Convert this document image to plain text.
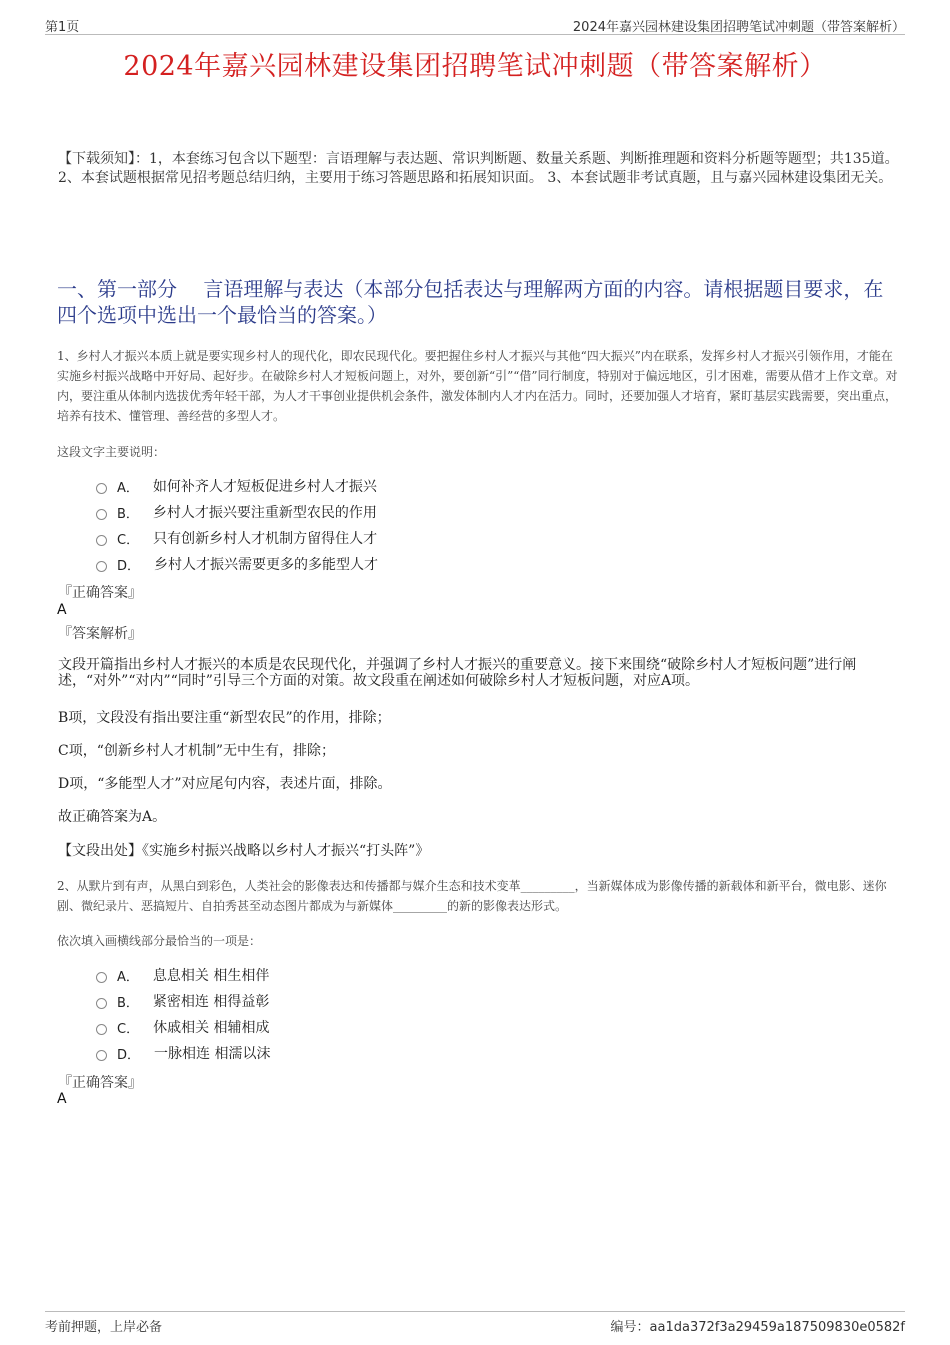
第1页	2024年嘉兴园林建设集团招聘笔试冲刺题（带答案解析）
2024年嘉兴园林建设集团招聘笔试冲刺题（带答案解析）
【下载须知】：1，本套练习包含以下题型：言语理解与表达题、常识判断题、数量关系题、判断推理题和资料分析题等题型；共135道。 2、本套试题根据常见招考题总结归纳，主要用于练习答题思路和拓展知识面。 3、本套试题非考试真题，且与嘉兴园林建设集团无关。
一、第一部分　 言语理解与表达（本部分包括表达与理解两方面的内容。请根据题目要求，在四个选项中选出一个最恰当的答案。）
1、乡村人才振兴本质上就是要实现乡村人的现代化，即农民现代化。要把握住乡村人才振兴与其他“四大振兴”内在联系，发挥乡村人才振兴引领作用，才能在实施乡村振兴战略中开好局、起好步。在破除乡村人才短板问题上，对外，要创新“引”“借”同行制度，特别对于偏远地区，引才困难，需要从借才上作文章。对内，要注重从体制内选拔优秀年轻干部，为人才干事创业提供机会条件，激发体制内人才内在活力。同时，还要加强人才培育，紧盯基层实践需要，突出重点，培养有技术、懂管理、善经营的多型人才。
这段文字主要说明：
A． 如何补齐人才短板促进乡村人才振兴
B． 乡村人才振兴要注重新型农民的作用
C． 只有创新乡村人才机制方留得住人才
D． 乡村人才振兴需要更多的多能型人才
『正确答案』
A
『答案解析』
文段开篇指出乡村人才振兴的本质是农民现代化，并强调了乡村人才振兴的重要意义。接下来围绕“破除乡村人才短板问题”进行阐述，“对外”“对内”“同时”引导三个方面的对策。故文段重在阐述如何破除乡村人才短板问题，对应A项。
B项，文段没有指出要注重“新型农民”的作用，排除；
C项，“创新乡村人才机制”无中生有，排除；
D项，“多能型人才”对应尾句内容，表述片面，排除。
故正确答案为A。
【文段出处】《实施乡村振兴战略以乡村人才振兴“打头阵”》
2、从默片到有声，从黑白到彩色，人类社会的影像表达和传播都与媒介生态和技术变革_________，当新媒体成为影像传播的新载体和新平台，微电影、迷你剧、微纪录片、恶搞短片、自拍秀甚至动态图片都成为与新媒体_________的新的影像表达形式。
依次填入画横线部分最恰当的一项是：
A． 息息相关 相生相伴
B． 紧密相连 相得益彰
C． 休戚相关 相辅相成
D． 一脉相连 相濡以沫
『正确答案』
A
考前押题，上岸必备	编号：aa1da372f3a29459a187509830e0582f
